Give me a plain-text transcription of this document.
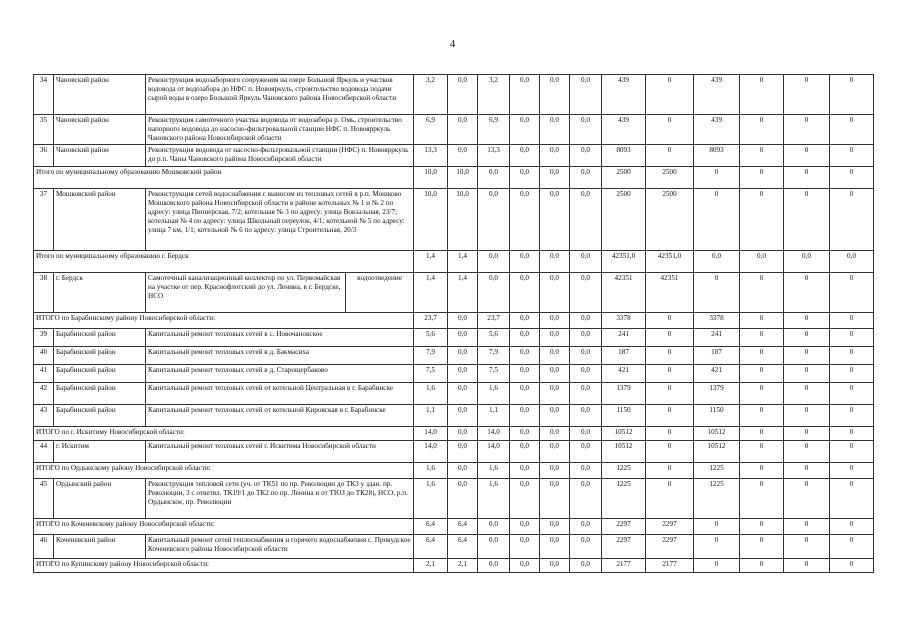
4
34	Чановский район	Реконструкция водозаборного сооружения на озере Большой Яркуль и участков водовода от водозабора до НФС п. Новояркуль, строительство водовода подачи сырой воды в озеро Большой Яркуль Чановского района Новосибирской области		3,2	0,0	3,2	0,0	0,0	0,0	439	0	439	0	0	0
35	Чановский район	Реконструкция самотечного участка водовода от водозабора р. Омь, строительство напорного водовода до насосно-фильтровальной станции НФС п. Новоярркуль Чановского района Новосибирской области		6,9	0,0	6,9	0,0	0,0	0,0	439	0	439	0	0	0
36	Чановский район	Реконструкция водовода от насосно-фильтровальной станции (НФС) п. Новоярркуль до р.п. Чаны Чановского района Новосибирской области		13,3	0,0	13,3	0,0	0,0	0,0	8093	0	8093	0	0	0
Итого по муниципальному образованию Мошковский район				10,0	10,0	0,0	0,0	0,0	0,0	2500	2500	0	0	0	0
37	Мошковский район	Реконструкция сетей водоснабжения с выносом из тепловых сетей в р.п. Мошково Мошковского района Новосибирской области в районе котельных № 1 и № 2 по адресу: улица Пионерская, 7/2; котельная № 3 по адресу: улица Вокзальная, 23/7; котельная № 4 по адресу: улица Школьный переулок, 4/1; котельной № 5 по адресу: улица 7 км, 1/1; котельной № 6 по адресу: улица Строительная, 20/3		10,0	10,0	0,0	0,0	0,0	0,0	2500	2500	0	0	0	0
Итого по муниципальному образованию г. Бердск				1,4	1,4	0,0	0,0	0,0	0,0	42351,0	42351,0	0,0	0,0	0,0	0,0
38	г. Бердск	Самотечный канализационный коллектор по ул. Первомайская на участке от пер. Краснофлотский до ул. Ленина, в г. Бердске, НСО	водоотведение	1,4	1,4	0,0	0,0	0,0	0,0	42351	42351	0	0	0	0
ИТОГО по Барабинскому району Новосибирской области:				23,7	0,0	23,7	0,0	0,0	0,0	3378	0	3378	0	0	0
39	Барабинский район	Капитальный ремонт тепловых сетей в с. Новочановское		5,6	0,0	5,6	0,0	0,0	0,0	241	0	241	0	0	0
40	Барабинский район	Капитальный ремонт тепловых сетей в д. Бакмасиха		7,9	0,0	7,9	0,0	0,0	0,0	187	0	187	0	0	0
41	Барабинский район	Капитальный ремонт тепловых сетей в д. Старощербаково		7,5	0,0	7,5	0,0	0,0	0,0	421	0	421	0	0	0
42	Барабинский район	Капитальный ремонт тепловых сетей от котельной Центральная в г. Барабинске		1,6	0,0	1,6	0,0	0,0	0,0	1379	0	1379	0	0	0
43	Барабинский район	Капитальный ремонт тепловых сетей от котельной Кировская в г. Барабинске		1,1	0,0	1,1	0,0	0,0	0,0	1150	0	1150	0	0	0
ИТОГО по г. Искитиму Новосибирской области:				14,0	0,0	14,0	0,0	0,0	0,0	10512	0	10512	0	0	0
44	г. Искитим	Капитальный ремонт тепловых сетей г. Искитима Новосибирской области		14,0	0,0	14,0	0,0	0,0	0,0	10512	0	10512	0	0	0
ИТОГО по Ордынскому району Новосибирской области:				1,6	0,0	1,6	0,0	0,0	0,0	1225	0	1225	0	0	0
45	Ордынский район	Реконструкция тепловой сети (уч. от ТК51 по пр. Революции до ТК3 у здан. пр. Революции, 3 с ответвл. ТК19/1 до ТК2 по пр. Ленина и от ТЮЗ до ТК28), НСО, р.п. Ордынское, пр. Революции		1,6	0,0	1,6	0,0	0,0	0,0	1225	0	1225	0	0	0
ИТОГО по Коченевскому району Новосибирской области:				6,4	6,4	0,0	0,0	0,0	0,0	2297	2297	0	0	0	0
46	Коченевский район	Капитальный ремонт сетей теплоснабжения и горячего водоснабжения с. Прокудское Коченевского района Новосибирской области		6,4	6,4	0,0	0,0	0,0	0,0	2297	2297	0	0	0	0
ИТОГО по Купинскому району Новосибирской области:				2,1	2,1	0,0	0,0	0,0	0,0	2177	2177	0	0	0	0
